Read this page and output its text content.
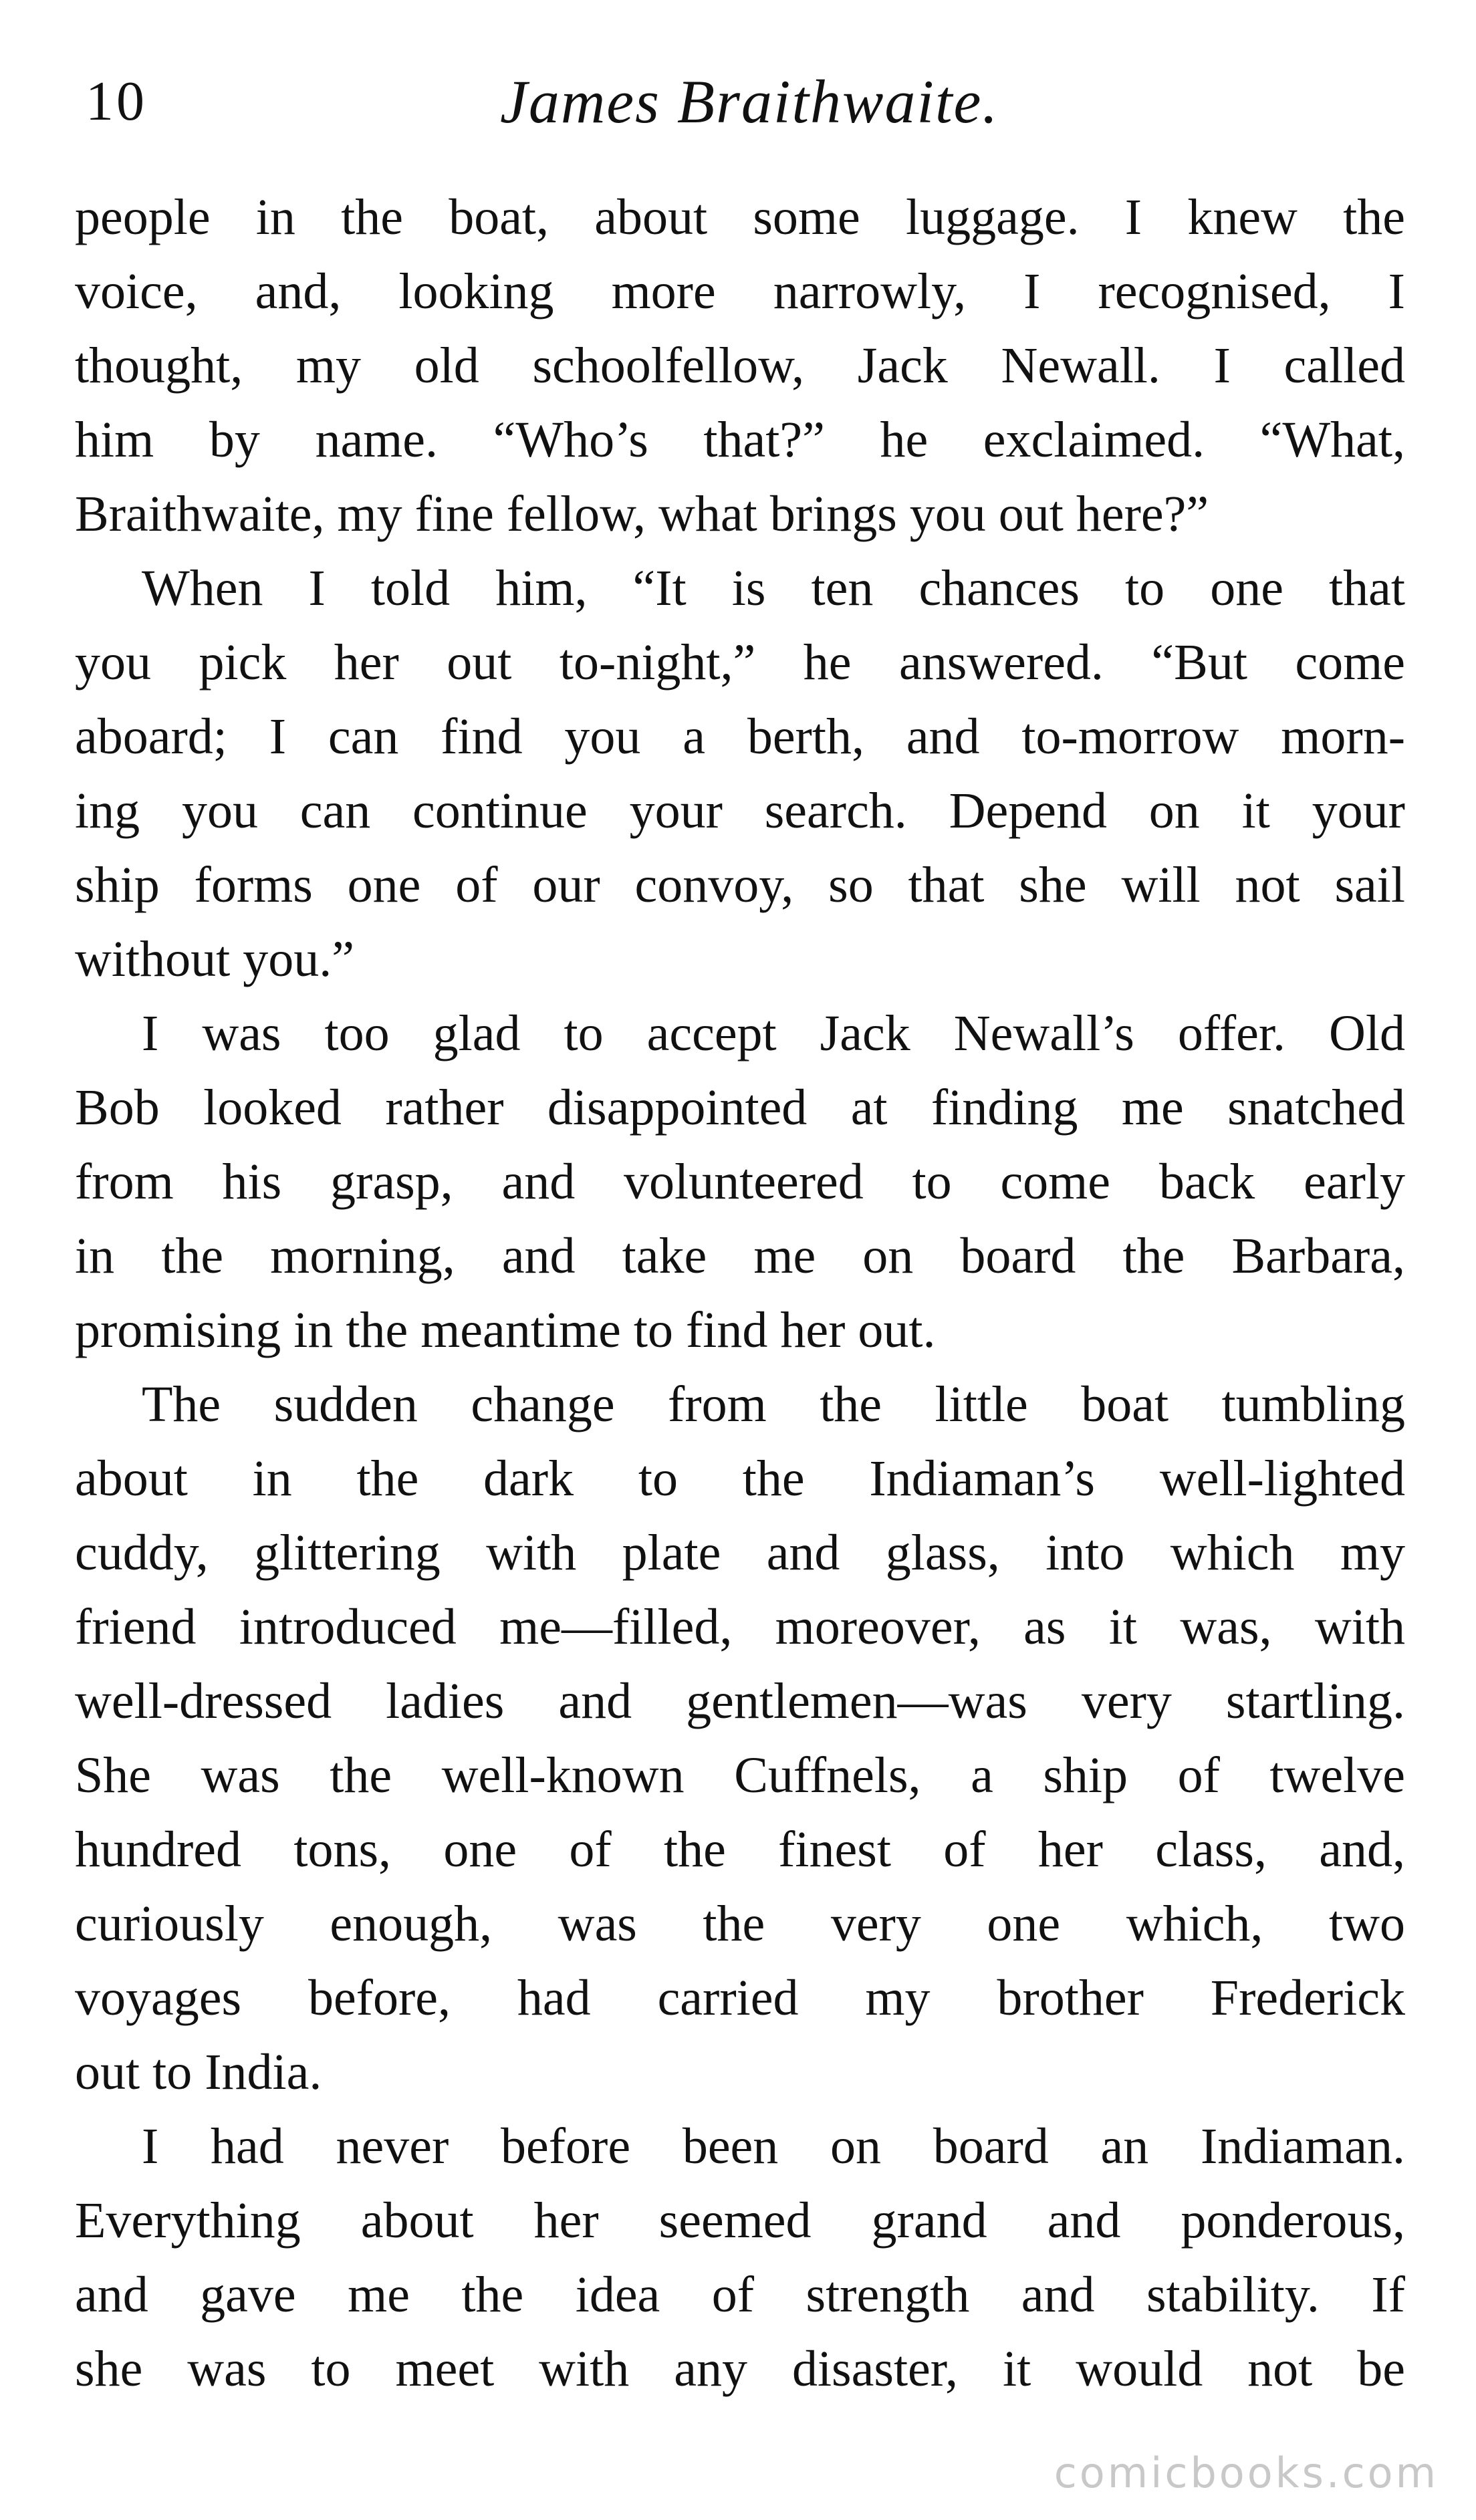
10	James Braithwaite.
people in the boat, about some luggage. I knew the
voice, and, looking more narrowly, I recognised, I
thought, my old schoolfellow, Jack Newall. I called
him by name. “Who’s that?” he exclaimed. “What,
Braithwaite, my fine fellow, what brings you out here?”
When I told him, “It is ten chances to one that
you pick her out to-night,” he answered. “But come
aboard; I can find you a berth, and to-morrow morn-
ing you can continue your search. Depend on it your
ship forms one of our convoy, so that she will not sail
without you.”
I was too glad to accept Jack Newall’s offer. Old
Bob looked rather disappointed at finding me snatched
from his grasp, and volunteered to come back early
in the morning, and take me on board the Barbara,
promising in the meantime to find her out.
The sudden change from the little boat tumbling
about in the dark to the Indiaman’s well-lighted
cuddy, glittering with plate and glass, into which my
friend introduced me—filled, moreover, as it was, with
well-dressed ladies and gentlemen—was very startling.
She was the well-known Cuffnels, a ship of twelve
hundred tons, one of the finest of her class, and,
curiously enough, was the very one which, two
voyages before, had carried my brother Frederick
out to India.
I had never before been on board an Indiaman.
Everything about her seemed grand and ponderous,
and gave me the idea of strength and stability. If
she was to meet with any disaster, it would not be
comicbooks.com
